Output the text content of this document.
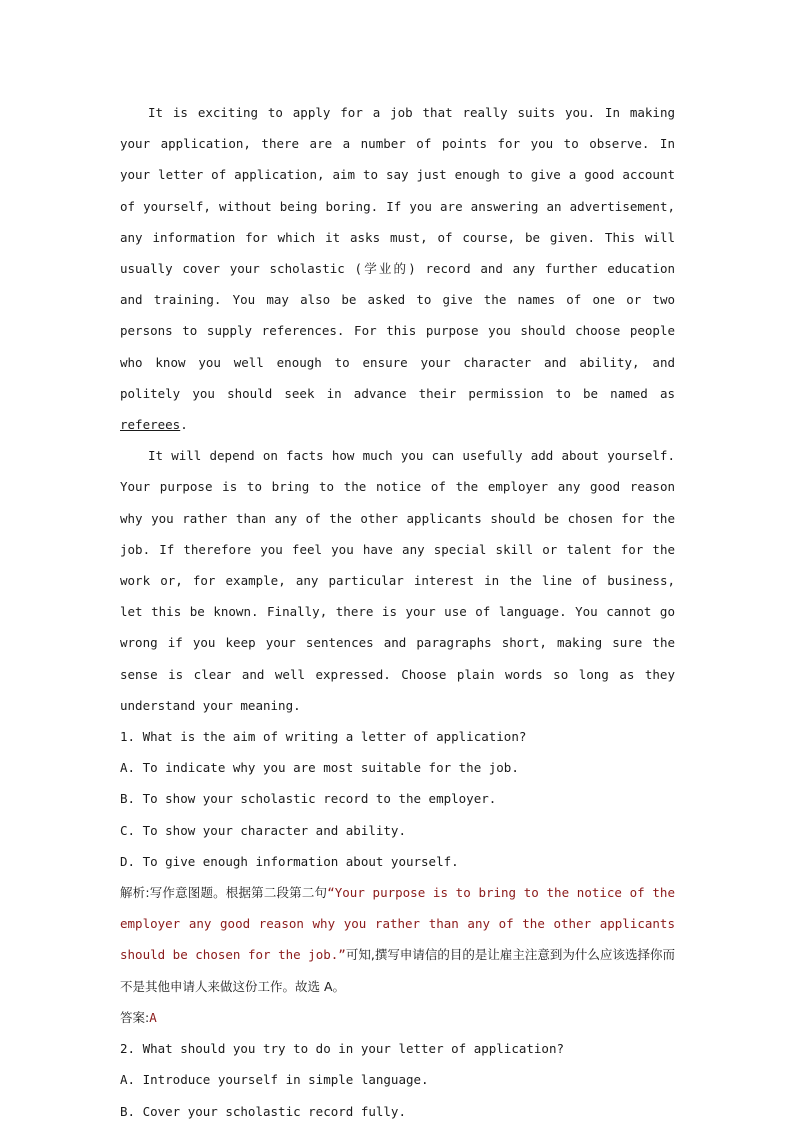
It is exciting to apply for a job that really suits you. In making your application, there are a number of points for you to observe. In your letter of application, aim to say just enough to give a good account of yourself, without being boring. If you are answering an advertisement, any information for which it asks must, of course, be given. This will usually cover your scholastic (学业的) record and any further education and training. You may also be asked to give the names of one or two persons to supply references. For this purpose you should choose people who know you well enough to ensure your character and ability, and politely you should seek in advance their permission to be named as referees.

It will depend on facts how much you can usefully add about yourself. Your purpose is to bring to the notice of the employer any good reason why you rather than any of the other applicants should be chosen for the job. If therefore you feel you have any special skill or talent for the work or, for example, any particular interest in the line of business, let this be known. Finally, there is your use of language. You cannot go wrong if you keep your sentences and paragraphs short, making sure the sense is clear and well expressed. Choose plain words so long as they understand your meaning.

1. What is the aim of writing a letter of application?

A. To indicate why you are most suitable for the job.

B. To show your scholastic record to the employer.

C. To show your character and ability.

D. To give enough information about yourself.

解析:写作意图题。根据第二段第二句“Your purpose is to bring to the notice of the employer any good reason why you rather than any of the other applicants should be chosen for the job.”可知,撰写申请信的目的是让雇主注意到为什么应该选择你而不是其他申请人来做这份工作。故选 A。

答案:A

2. What should you try to do in your letter of application?

A. Introduce yourself in simple language.

B. Cover your scholastic record fully.
